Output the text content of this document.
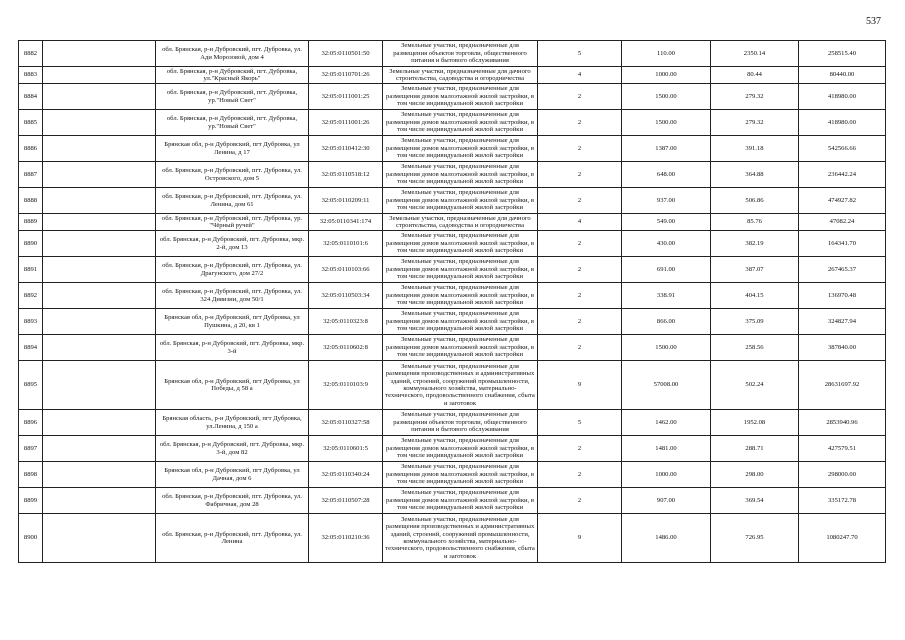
537
8882		обл. Брянская, р-н Дубровский, пгт. Дубровка, ул. Ади Морозовой, дом 4	32:05:0110501:50	Земельные участки, предназначенные для размещения объектов торговли, общественного питания и бытового обслуживания	5	110.00	2350.14	258515.40
8883		обл. Брянская, р-н Дубровский, пгт. Дубровка, ул."Красный Якорь"	32:05:0110701:26	Земельные участки, предназначенные для дачного строительства, садоводства и огородничества	4	1000.00	80.44	80440.00
8884		обл. Брянская, р-н Дубровский, пгт. Дубровка, ур."Новый Свет"	32:05:0111001:25	Земельные участки, предназначенные для размещения домов малоэтажной жилой застройки, в том числе индивидуальной жилой застройки	2	1500.00	279.32	418980.00
8885		обл. Брянская, р-н Дубровский, пгт. Дубровка, ур."Новый Свет"	32:05:0111001:26	Земельные участки, предназначенные для размещения домов малоэтажной жилой застройки, в том числе индивидуальной жилой застройки	2	1500.00	279.32	418980.00
8886		Брянская обл, р-н Дубровский, пгт Дубровка, ул Ленина, д 17	32:05:0110412:30	Земельные участки, предназначенные для размещения домов малоэтажной жилой застройки, в том числе индивидуальной жилой застройки	2	1387.00	391.18	542566.66
8887		обл. Брянская, р-н Дубровский, пгт. Дубровка, ул. Островского, дом 5	32:05:0110518:12	Земельные участки, предназначенные для размещения домов малоэтажной жилой застройки, в том числе индивидуальной жилой застройки	2	648.00	364.88	236442.24
8888		обл. Брянская, р-н Дубровский, пгт. Дубровка, ул. Ленина, дом 61	32:05:0110209:11	Земельные участки, предназначенные для размещения домов малоэтажной жилой застройки, в том числе индивидуальной жилой застройки	2	937.00	506.86	474927.82
8889		обл. Брянская, р-н Дубровский, пгт. Дубровка, ур. "Чёрный ручей"	32:05:0110341:174	Земельные участки, предназначенные для дачного строительства, садоводства и огородничества	4	549.00	85.76	47082.24
8890		обл. Брянская, р-н Дубровский, пгт. Дубровка, мкр. 2-й, дом 13	32:05:0110101:6	Земельные участки, предназначенные для размещения домов малоэтажной жилой застройки, в том числе индивидуальной жилой застройки	2	430.00	382.19	164341.70
8891		обл. Брянская, р-н Дубровский, пгт. Дубровка, ул. Драгунского, дом 27/2	32:05:0110103:66	Земельные участки, предназначенные для размещения домов малоэтажной жилой застройки, в том числе индивидуальной жилой застройки	2	691.00	387.07	267465.37
8892		обл. Брянская, р-н Дубровский, пгт. Дубровка, ул. 324 Дивизии, дом 50/1	32:05:0110503:34	Земельные участки, предназначенные для размещения домов малоэтажной жилой застройки, в том числе индивидуальной жилой застройки	2	338.91	404.15	136970.48
8893		Брянская обл, р-н Дубровский, пгт Дубровка, ул Пушкина, д 20, кв 1	32:05:0110323:8	Земельные участки, предназначенные для размещения домов малоэтажной жилой застройки, в том числе индивидуальной жилой застройки	2	866.00	375.09	324827.94
8894		обл. Брянская, р-н Дубровский, пгт. Дубровка, мкр. 3-й	32:05:0110602:8	Земельные участки, предназначенные для размещения домов малоэтажной жилой застройки, в том числе индивидуальной жилой застройки	2	1500.00	258.56	387840.00
8895		Брянская обл, р-н Дубровский, пгт Дубровка, ул Победы, д 58 а	32:05:0110103:9	Земельные участки, предназначенные для размещения производственных и административных зданий, строений, сооружений промышленности, коммунального хозяйства, материально-технического, продовольственного снабжения, сбыта и заготовок	9	57008.00	502.24	28631697.92
8896		Брянская область, р-н Дубровский, пгт Дубровка, ул.Ленина, д 150 а	32:05:0110327:58	Земельные участки, предназначенные для размещения объектов торговли, общественного питания и бытового обслуживания	5	1462.00	1952.08	2853940.96
8897		обл. Брянская, р-н Дубровский, пгт. Дубровка, мкр. 3-й, дом 82	32:05:0110601:5	Земельные участки, предназначенные для размещения домов малоэтажной жилой застройки, в том числе индивидуальной жилой застройки	2	1481.00	288.71	427579.51
8898		Брянская обл, р-н Дубровский, пгт Дубровка, ул Дачная, дом 6	32:05:0110340:24	Земельные участки, предназначенные для размещения домов малоэтажной жилой застройки, в том числе индивидуальной жилой застройки	2	1000.00	298.00	298000.00
8899		обл. Брянская, р-н Дубровский, пгт. Дубровка, ул. Фабричная, дом 28	32:05:0110507:28	Земельные участки, предназначенные для размещения домов малоэтажной жилой застройки, в том числе индивидуальной жилой застройки	2	907.00	369.54	335172.78
8900		обл. Брянская, р-н Дубровский, пгт. Дубровка, ул. Ленина	32:05:0110210:36	Земельные участки, предназначенные для размещения производственных и административных зданий, строений, сооружений промышленности, коммунального хозяйства, материально-технического, продовольственного снабжения, сбыта и заготовок	9	1486.00	726.95	1080247.70
